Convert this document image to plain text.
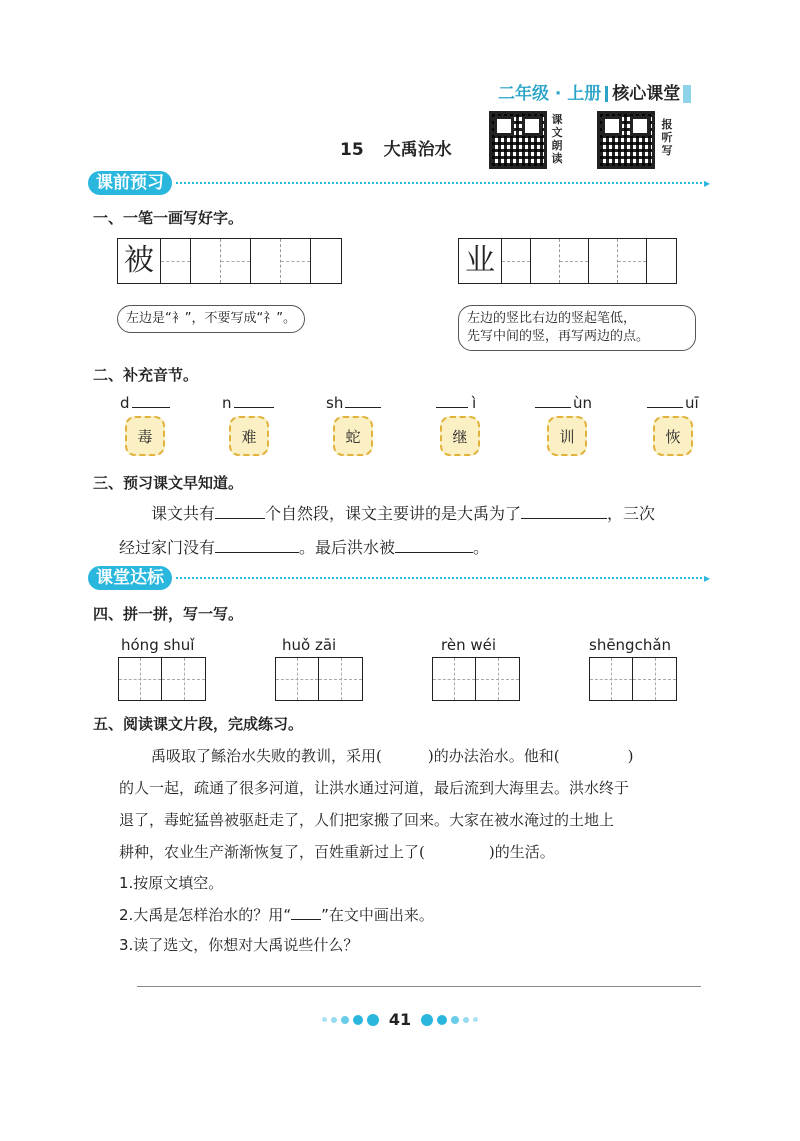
二年级 · 上册 核心课堂
15 大禹治水
课文朗读
报听写
课前预习	▸
一、一笔一画写好字。
被	业
左边是“衤”，不要写成“礻”。	左边的竖比右边的竖起笔低，
先写中间的竖，再写两边的点。
二、补充音节。
d	n	sh	ì	ùn	uī
毒	难	蛇	继	训	恢
三、预习课文早知道。
课文共有	个自然段，课文主要讲的是大禹为了	，三次
经过家门没有	。最后洪水被	。
课堂达标	▸
四、拼一拼，写一写。
hóng shuǐ	huǒ zāi	rèn wéi	shēngchǎn
五、阅读课文片段，完成练习。
禹吸取了鲧治水失败的教训，采用(	)的办法治水。他和(	)
的人一起，疏通了很多河道，让洪水通过河道，最后流到大海里去。洪水终于
退了，毒蛇猛兽被驱赶走了，人们把家搬了回来。大家在被水淹过的土地上
耕种，农业生产渐渐恢复了，百姓重新过上了(	)的生活。
1.按原文填空。
2.大禹是怎样治水的？用“ ”在文中画出来。
3.读了选文，你想对大禹说些什么？
41
